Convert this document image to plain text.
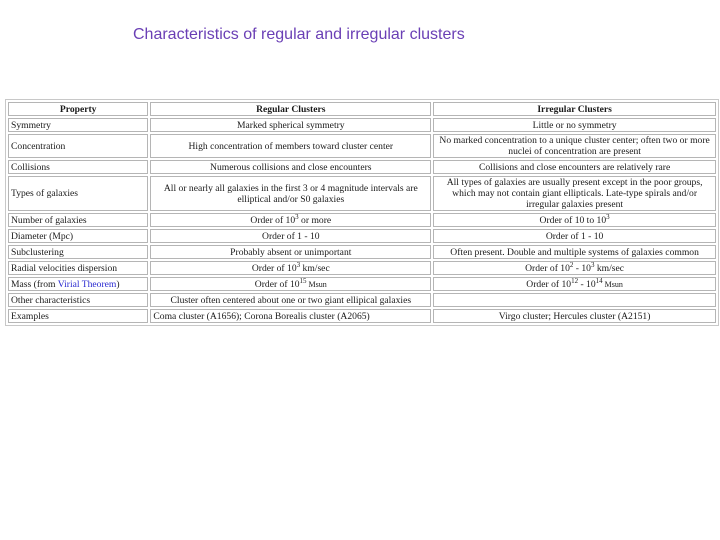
Characteristics of regular and irregular clusters
Property	Regular Clusters	Irregular Clusters
Symmetry	Marked spherical symmetry	Little or no symmetry
Concentration	High concentration of members toward cluster center	No marked concentration to a unique cluster center; often two or more nuclei of concentration are present
Collisions	Numerous collisions and close encounters	Collisions and close encounters are relatively rare
Types of galaxies	All or nearly all galaxies in the first 3 or 4 magnitude intervals are elliptical and/or S0 galaxies	All types of galaxies are usually present except in the poor groups, which may not contain giant ellipticals. Late-type spirals and/or irregular galaxies present
Number of galaxies	Order of $10^3$ or more	Order of 10 to $10^3$
Diameter (Mpc)	Order of 1 - 10	Order of 1 - 10
Subclustering	Probably absent or unimportant	Often present. Double and multiple systems of galaxies common
Radial velocities dispersion	Order of $10^3$ km/sec	Order of $10^2 - 10^3$ km/sec
Mass (from Virial Theorem)	Order of $10^{15}$ Msun	Order of $10^{12} - 10^{14}$ Msun
Other characteristics	Cluster often centered about one or two giant ellipical galaxies	
Examples	Coma cluster (A1656); Corona Borealis cluster (A2065)	Virgo cluster; Hercules cluster (A2151)
